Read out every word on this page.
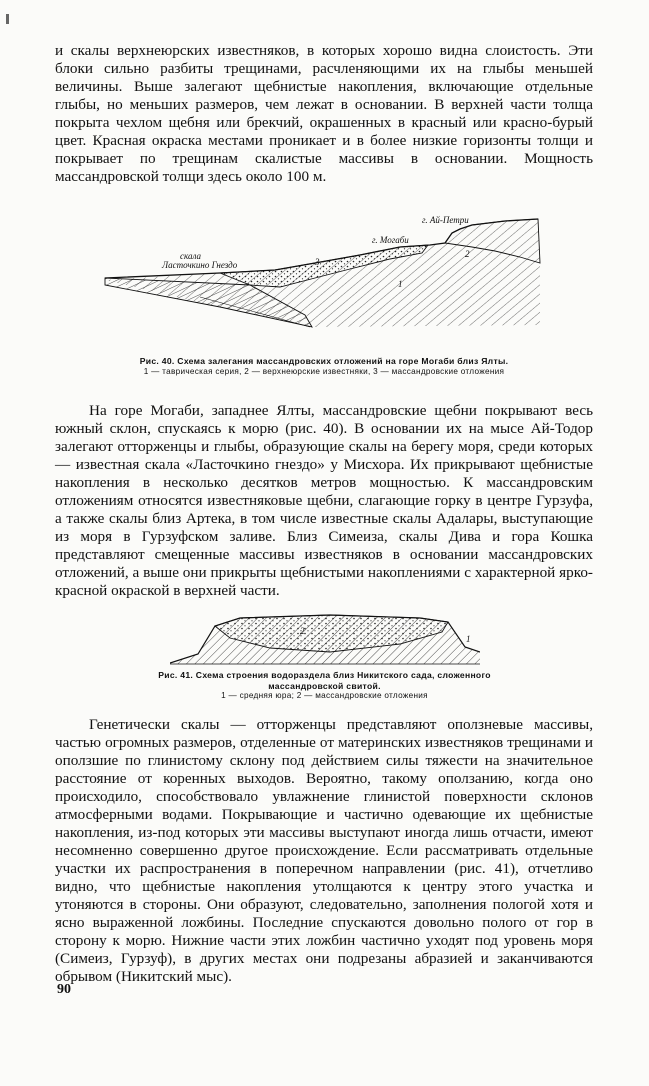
и скалы верхнеюрских известняков, в которых хорошо видна слоистость. Эти блоки сильно разбиты трещинами, расчленяющими их на глыбы меньшей величины. Выше залегают щебнистые накопления, включающие отдельные глыбы, но меньших размеров, чем лежат в основании. В верхней части толща покрыта чехлом щебня или брекчий, окрашенных в красный или красно-бурый цвет. Красная окраска местами проникает и в более низкие горизонты толщи и покрывает по трещинам скалистые массивы в основании. Мощность массандровской толщи здесь около 100 м.

г. Ай-Петри
г. Могаби
скала
Ласточкино Гнездо	3
2
1
Рис. 40. Схема залегания массандровских отложений на горе Могаби близ Ялты.
1 — таврическая серия, 2 — верхнеюрские известняки, 3 — массандровские отложения

На горе Могаби, западнее Ялты, массандровские щебни покрывают весь южный склон, спускаясь к морю (рис. 40). В основании их на мысе Ай-Тодор залегают отторженцы и глыбы, образующие скалы на берегу моря, среди которых — известная скала «Ласточкино гнездо» у Мисхора. Их прикрывают щебнистые накопления в несколько десятков метров мощностью. К массандровским отложениям относятся известняковые щебни, слагающие горку в центре Гурзуфа, а также скалы близ Артека, в том числе известные скалы Адалары, выступающие из моря в Гурзуфском заливе. Близ Симеиза, скалы Дива и гора Кошка представляют смещенные массивы известняков в основании массандровских отложений, а выше они прикрыты щебнистыми накоплениями с характерной ярко-красной окраской в верхней части.

2
1
Рис. 41. Схема строения водораздела близ Никитского сада, сложенного массандровской свитой.
1 — средняя юра; 2 — массандровские отложения

Генетически скалы — отторженцы представляют оползневые массивы, частью огромных размеров, отделенные от материнских известняков трещинами и оползшие по глинистому склону под действием силы тяжести на значительное расстояние от коренных выходов. Вероятно, такому оползанию, когда оно происходило, способствовало увлажнение глинистой поверхности склонов атмосферными водами. Покрывающие и частично одевающие их щебнистые накопления, из-под которых эти массивы выступают иногда лишь отчасти, имеют несомненно совершенно другое происхождение. Если рассматривать отдельные участки их распространения в поперечном направлении (рис. 41), отчетливо видно, что щебнистые накопления утолщаются к центру этого участка и утоняются в стороны. Они образуют, следовательно, заполнения пологой хотя и ясно выраженной ложбины. Последние спускаются довольно полого от гор в сторону к морю. Нижние части этих ложбин частично уходят под уровень моря (Симеиз, Гурзуф), в других местах они подрезаны абразией и заканчиваются обрывом (Никитский мыс).

90
